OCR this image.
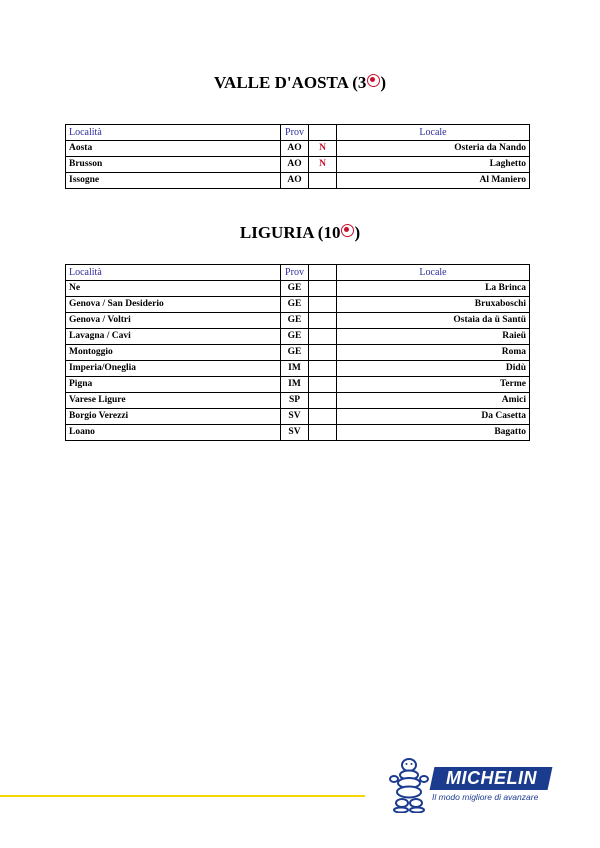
VALLE D'AOSTA (3 )
Località	Prov		Locale
Aosta	AO	N	Osteria da Nando
Brusson	AO	N	Laghetto
Issogne	AO		Al Maniero
LIGURIA (10 )
Località	Prov		Locale
Ne	GE		La Brinca
Genova / San Desiderio	GE		Bruxaboschi
Genova / Voltri	GE		Ostaia da ü Santü
Lavagna / Cavi	GE		Raieü
Montoggio	GE		Roma
Imperia/Oneglia	IM		Didù
Pigna	IM		Terme
Varese Ligure	SP		Amici
Borgio Verezzi	SV		Da Casetta
Loano	SV		Bagatto
MICHELIN
Il modo migliore di avanzare
